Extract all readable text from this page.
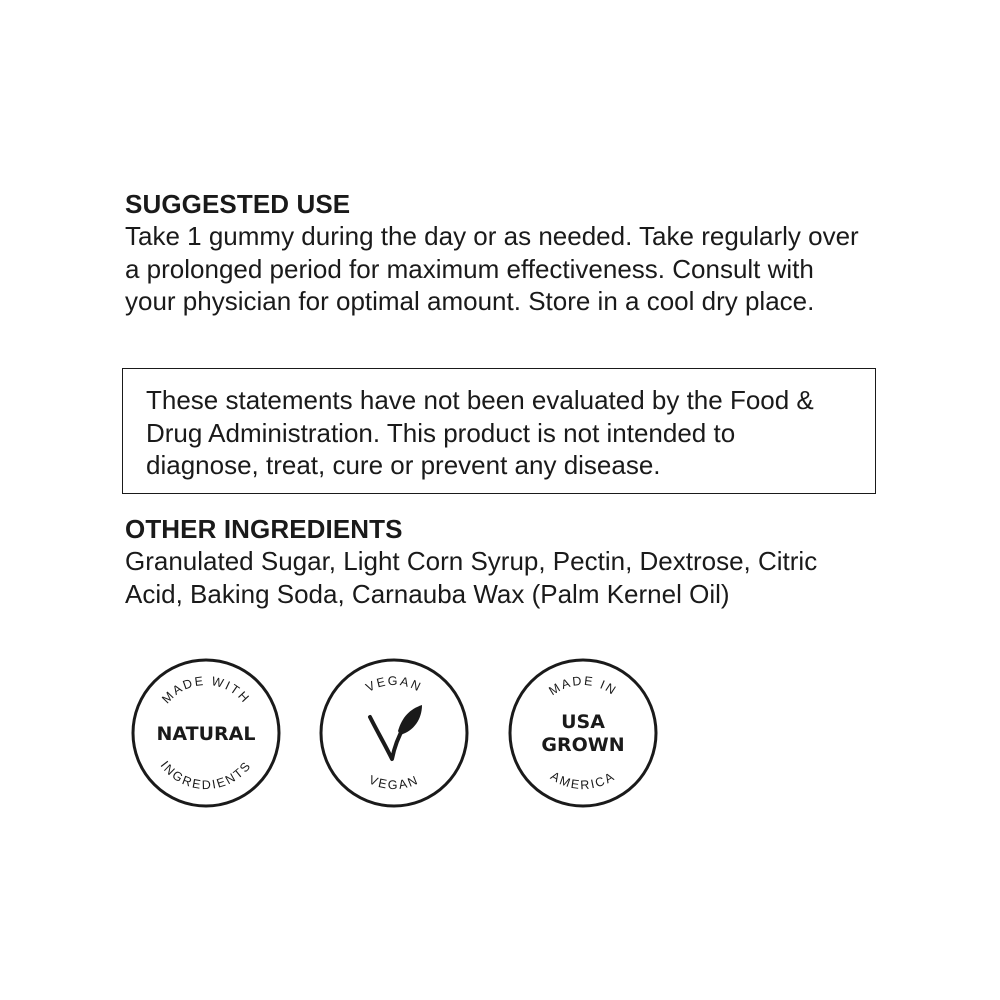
SUGGESTED USE

Take 1 gummy during the day or as needed. Take regularly over a prolonged period for maximum effectiveness. Consult with your physician for optimal amount. Store in a cool dry place.

These statements have not been evaluated by the Food & Drug Administration. This product is not intended to diagnose, treat, cure or prevent any disease.
OTHER INGREDIENTS

Granulated Sugar, Light Corn Syrup, Pectin, Dextrose, Citric Acid, Baking Soda, Carnauba Wax (Palm Kernel Oil)

MADE WITH
NATURAL
INGREDIENTS
VEGAN
VEGAN
MADE IN
USA
GROWN
AMERICA
